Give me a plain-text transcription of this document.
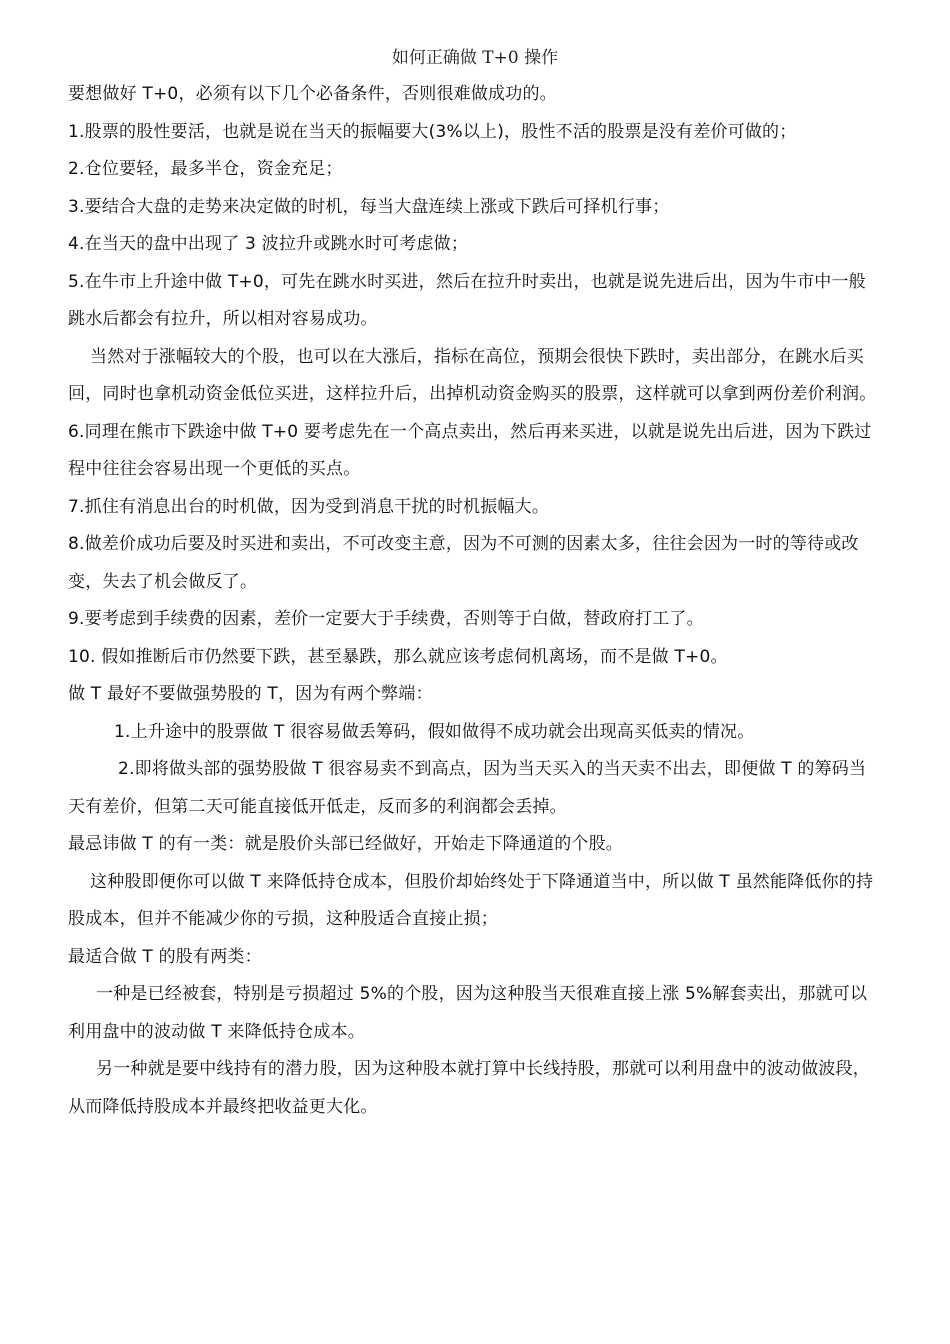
如何正确做 T+0 操作

要想做好 T+0，必须有以下几个必备条件，否则很难做成功的。

1.股票的股性要活，也就是说在当天的振幅要大(3%以上)，股性不活的股票是没有差价可做的；

2.仓位要轻，最多半仓，资金充足；

3.要结合大盘的走势来决定做的时机，每当大盘连续上涨或下跌后可择机行事；

4.在当天的盘中出现了 3 波拉升或跳水时可考虑做；

5.在牛市上升途中做 T+0，可先在跳水时买进，然后在拉升时卖出，也就是说先进后出，因为牛市中一般跳水后都会有拉升，所以相对容易成功。

当然对于涨幅较大的个股，也可以在大涨后，指标在高位，预期会很快下跌时，卖出部分，在跳水后买回，同时也拿机动资金低位买进，这样拉升后，出掉机动资金购买的股票，这样就可以拿到两份差价利润。

6.同理在熊市下跌途中做 T+0 要考虑先在一个高点卖出，然后再来买进，以就是说先出后进，因为下跌过程中往往会容易出现一个更低的买点。

7.抓住有消息出台的时机做，因为受到消息干扰的时机振幅大。

8.做差价成功后要及时买进和卖出，不可改变主意，因为不可测的因素太多，往往会因为一时的等待或改变，失去了机会做反了。

9.要考虑到手续费的因素，差价一定要大于手续费，否则等于白做，替政府打工了。

10. 假如推断后市仍然要下跌，甚至暴跌，那么就应该考虑伺机离场，而不是做 T+0。

做 T 最好不要做强势股的 T，因为有两个弊端：

1.上升途中的股票做 T 很容易做丢筹码，假如做得不成功就会出现高买低卖的情况。

2.即将做头部的强势股做 T 很容易卖不到高点，因为当天买入的当天卖不出去，即便做 T 的筹码当天有差价，但第二天可能直接低开低走，反而多的利润都会丢掉。

最忌讳做 T 的有一类：就是股价头部已经做好，开始走下降通道的个股。

这种股即便你可以做 T 来降低持仓成本，但股价却始终处于下降通道当中，所以做 T 虽然能降低你的持股成本，但并不能减少你的亏损，这种股适合直接止损；

最适合做 T 的股有两类：

一种是已经被套，特别是亏损超过 5%的个股，因为这种股当天很难直接上涨 5%解套卖出，那就可以利用盘中的波动做 T 来降低持仓成本。

另一种就是要中线持有的潜力股，因为这种股本就打算中长线持股，那就可以利用盘中的波动做波段，从而降低持股成本并最终把收益更大化。
